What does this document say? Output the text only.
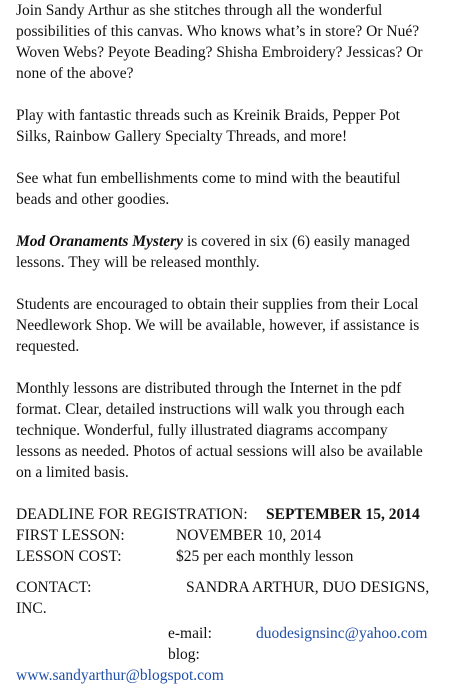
Join Sandy Arthur as she stitches through all the wonderful
possibilities of this canvas. Who knows what’s in store? Or Nué?
Woven Webs? Peyote Beading? Shisha Embroidery? Jessicas? Or
none of the above?

Play with fantastic threads such as Kreinik Braids, Pepper Pot
Silks, Rainbow Gallery Specialty Threads, and more!

See what fun embellishments come to mind with the beautiful
beads and other goodies.

Mod Oranaments Mystery is covered in six (6) easily managed
lessons. They will be released monthly.

Students are encouraged to obtain their supplies from their Local
Needlework Shop. We will be available, however, if assistance is
requested.

Monthly lessons are distributed through the Internet in the pdf
format. Clear, detailed instructions will walk you through each
technique. Wonderful, fully illustrated diagrams accompany
lessons as needed. Photos of actual sessions will also be available
on a limited basis.

DEADLINE FOR REGISTRATION: SEPTEMBER 15, 2014
FIRST LESSON:	NOVEMBER 10, 2014
LESSON COST:	$25 per each monthly lesson
CONTACT:	SANDRA ARTHUR, DUO DESIGNS,
INC.
e-mail:	duodesignsinc@yahoo.com
blog:
www.sandyarthur@blogspot.com
